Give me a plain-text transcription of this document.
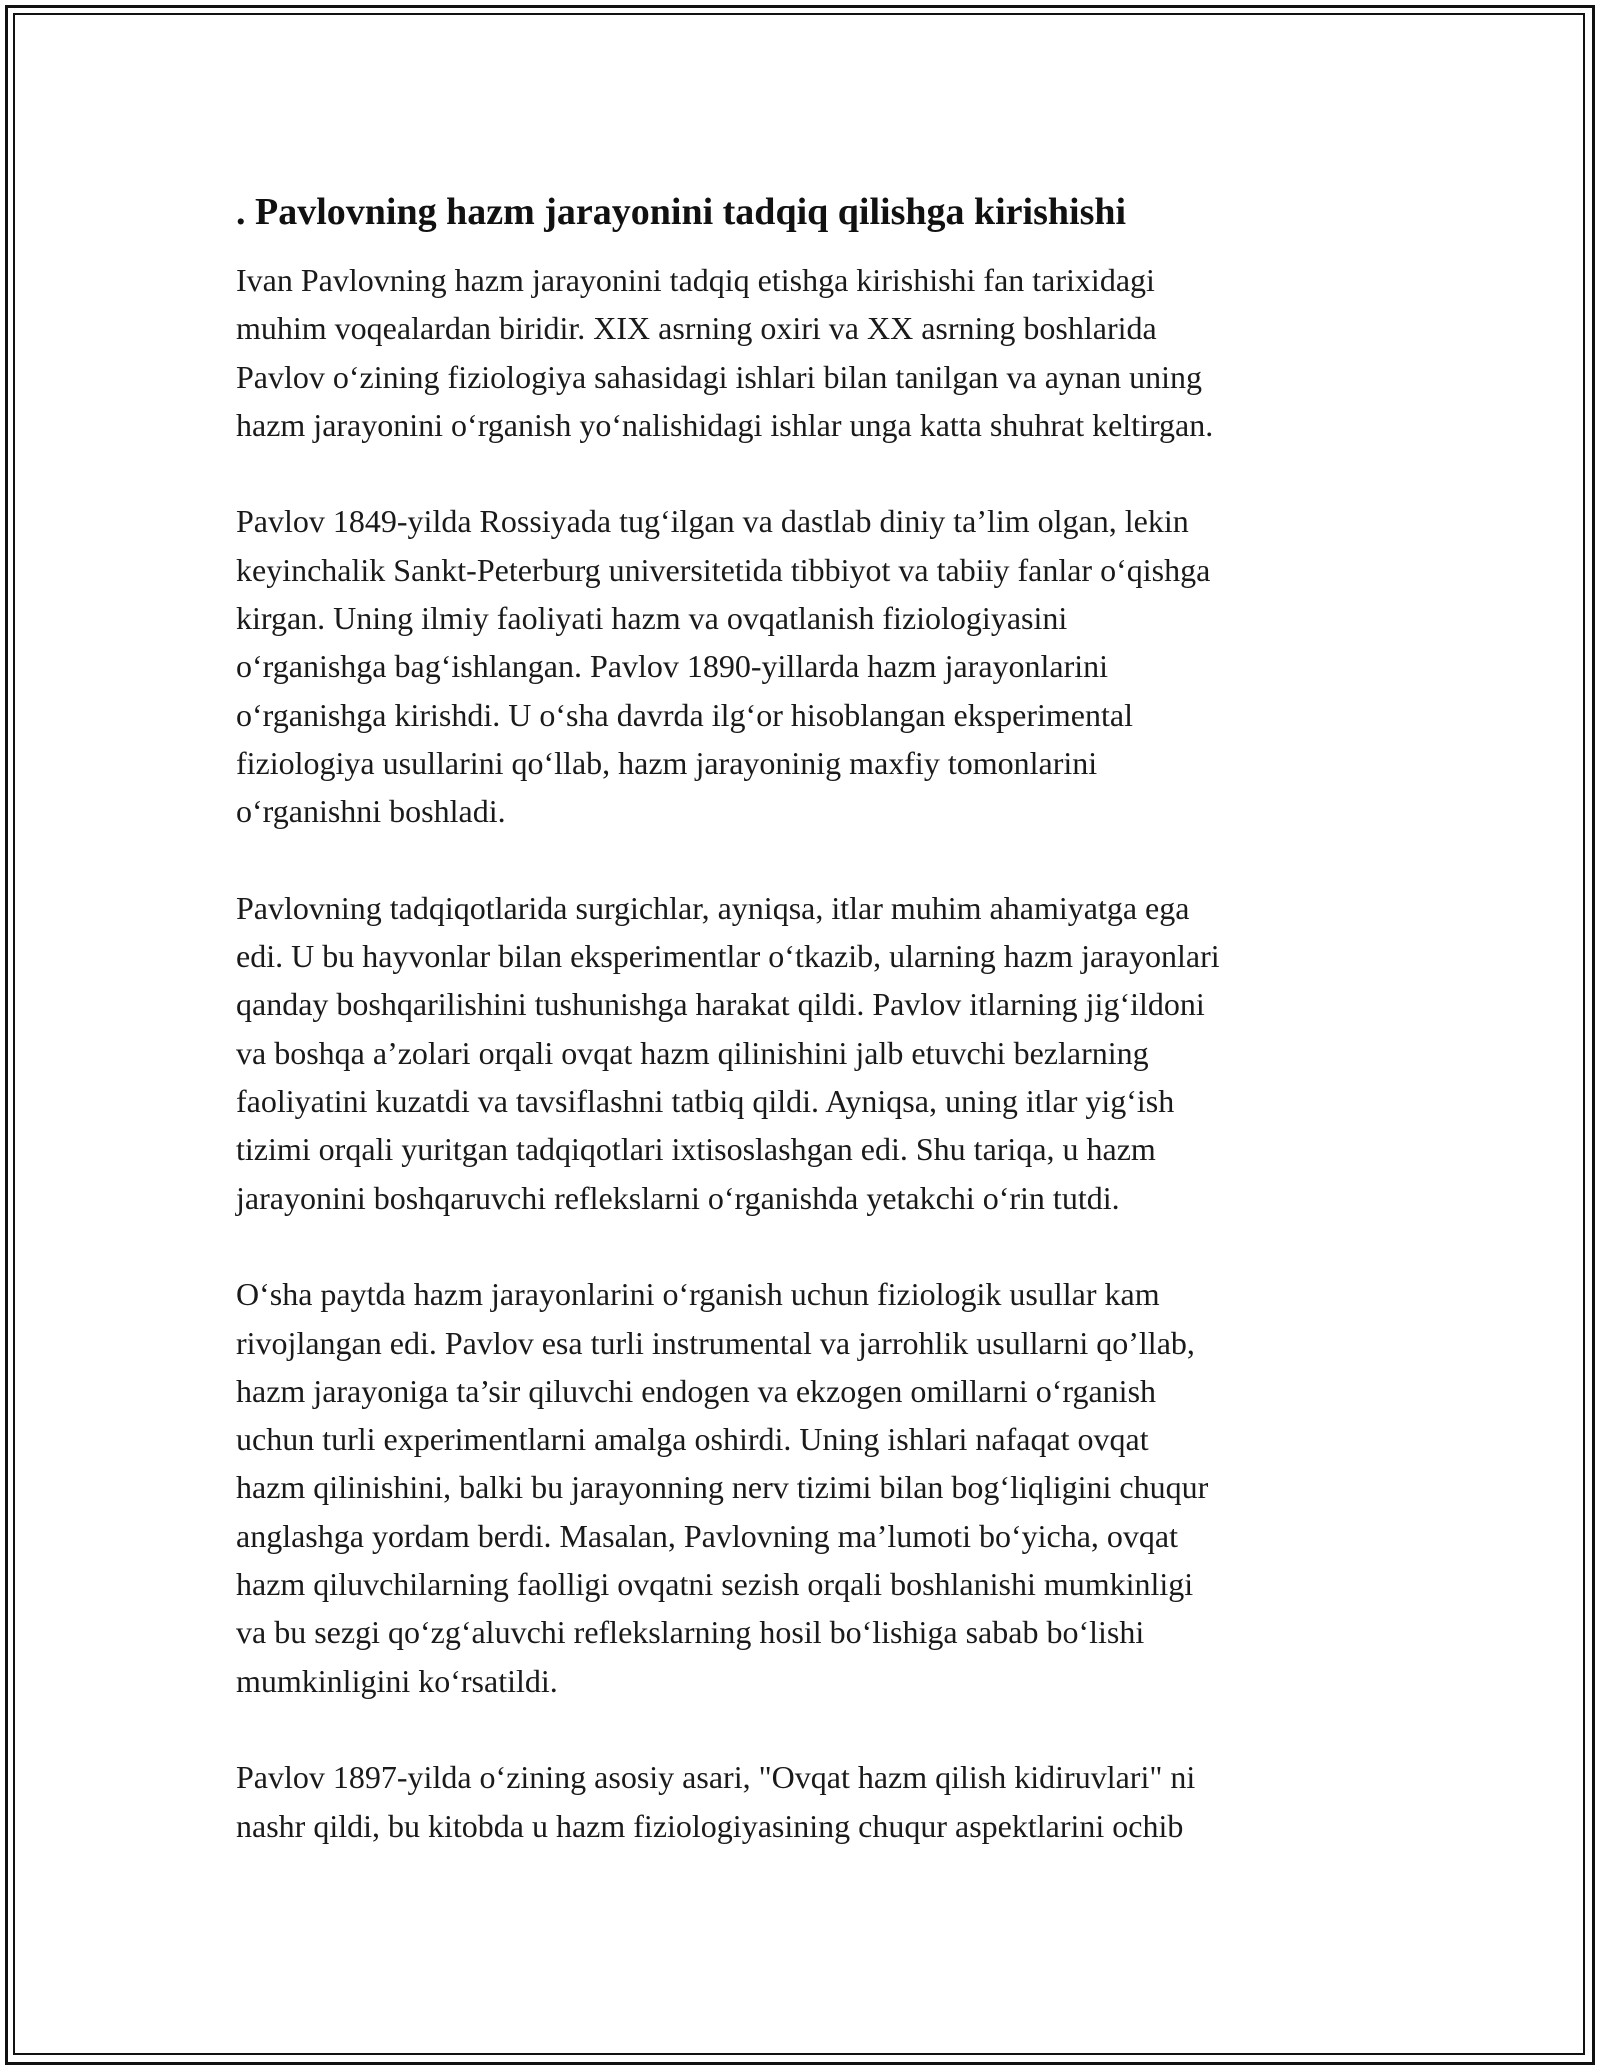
. Pavlovning hazm jarayonini tadqiq qilishga kirishishi

Ivan Pavlovning hazm jarayonini tadqiq etishga kirishishi fan tarixidagi
muhim voqealardan biridir. XIX asrning oxiri va XX asrning boshlarida
Pavlov o‘zining fiziologiya sahasidagi ishlari bilan tanilgan va aynan uning
hazm jarayonini o‘rganish yo‘nalishidagi ishlar unga katta shuhrat keltirgan.

Pavlov 1849-yilda Rossiyada tug‘ilgan va dastlab diniy ta’lim olgan, lekin
keyinchalik Sankt-Peterburg universitetida tibbiyot va tabiiy fanlar o‘qishga
kirgan. Uning ilmiy faoliyati hazm va ovqatlanish fiziologiyasini
o‘rganishga bag‘ishlangan. Pavlov 1890-yillarda hazm jarayonlarini
o‘rganishga kirishdi. U o‘sha davrda ilg‘or hisoblangan eksperimental
fiziologiya usullarini qo‘llab, hazm jarayoninig maxfiy tomonlarini
o‘rganishni boshladi.

Pavlovning tadqiqotlarida surgichlar, ayniqsa, itlar muhim ahamiyatga ega
edi. U bu hayvonlar bilan eksperimentlar o‘tkazib, ularning hazm jarayonlari
qanday boshqarilishini tushunishga harakat qildi. Pavlov itlarning jig‘ildoni
va boshqa a’zolari orqali ovqat hazm qilinishini jalb etuvchi bezlarning
faoliyatini kuzatdi va tavsiflashni tatbiq qildi. Ayniqsa, uning itlar yig‘ish
tizimi orqali yuritgan tadqiqotlari ixtisoslashgan edi. Shu tariqa, u hazm
jarayonini boshqaruvchi reflekslarni o‘rganishda yetakchi o‘rin tutdi.

O‘sha paytda hazm jarayonlarini o‘rganish uchun fiziologik usullar kam
rivojlangan edi. Pavlov esa turli instrumental va jarrohlik usullarni qo’llab,
hazm jarayoniga ta’sir qiluvchi endogen va ekzogen omillarni o‘rganish
uchun turli experimentlarni amalga oshirdi. Uning ishlari nafaqat ovqat
hazm qilinishini, balki bu jarayonning nerv tizimi bilan bog‘liqligini chuqur
anglashga yordam berdi. Masalan, Pavlovning ma’lumoti bo‘yicha, ovqat
hazm qiluvchilarning faolligi ovqatni sezish orqali boshlanishi mumkinligi
va bu sezgi qo‘zg‘aluvchi reflekslarning hosil bo‘lishiga sabab bo‘lishi
mumkinligini ko‘rsatildi.

Pavlov 1897-yilda o‘zining asosiy asari, "Ovqat hazm qilish kidiruvlari" ni
nashr qildi, bu kitobda u hazm fiziologiyasining chuqur aspektlarini ochib
